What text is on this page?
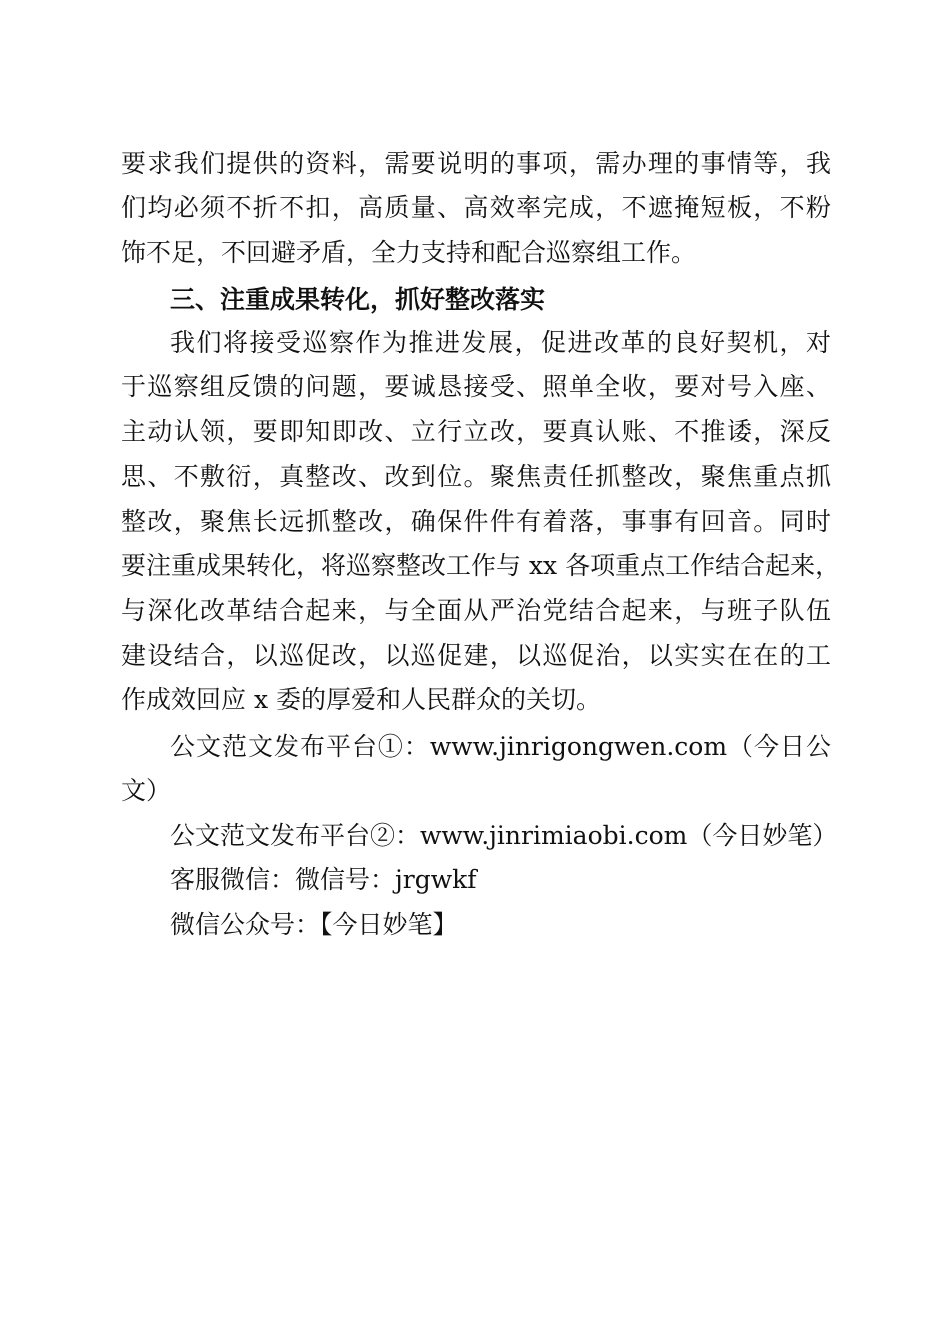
要求我们提供的资料，需要说明的事项，需办理的事情等，我
们均必须不折不扣，高质量、高效率完成，不遮掩短板，不粉
饰不足，不回避矛盾，全力支持和配合巡察组工作。
三、注重成果转化，抓好整改落实
我们将接受巡察作为推进发展，促进改革的良好契机，对
于巡察组反馈的问题，要诚恳接受、照单全收，要对号入座、
主动认领，要即知即改、立行立改，要真认账、不推诿，深反
思、不敷衍，真整改、改到位。聚焦责任抓整改，聚焦重点抓
整改，聚焦长远抓整改，确保件件有着落，事事有回音。同时
要注重成果转化，将巡察整改工作与 xx 各项重点工作结合起来，
与深化改革结合起来，与全面从严治党结合起来，与班子队伍
建设结合，以巡促改，以巡促建，以巡促治，以实实在在的工
作成效回应 x 委的厚爱和人民群众的关切。
公文范文发布平台①：www.jinrigongwen.com（今日公
文）
公文范文发布平台②：www.jinrimiaobi.com（今日妙笔）
客服微信：微信号：jrgwkf
微信公众号：【今日妙笔】
